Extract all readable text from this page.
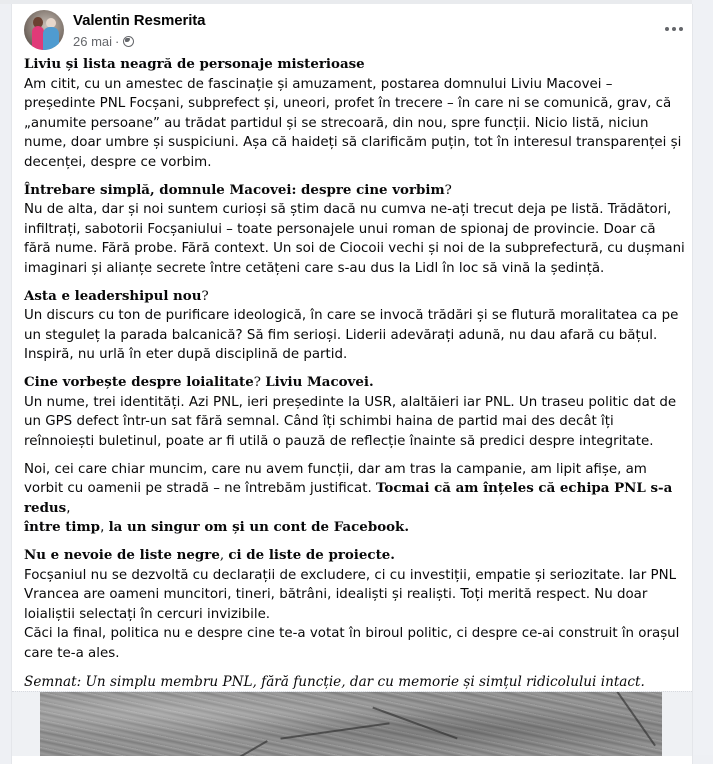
Valentin Resmerita
26 mai ·

Liviu și lista neagră de personaje misterioase
Am citit, cu un amestec de fascinație și amuzament, postarea domnului Liviu Macovei – președinte PNL Focșani, subprefect și, uneori, profet în trecere – în care ni se comunică, grav, că „anumite persoane” au trădat partidul și se strecoară, din nou, spre funcții. Nicio listă, niciun nume, doar umbre și suspiciuni. Așa că haideți să clarificăm puțin, tot în interesul transparenței și decenței, despre ce vorbim.

Întrebare simplă, domnule Macovei: despre cine vorbim?
Nu de alta, dar și noi suntem curioși să știm dacă nu cumva ne-ați trecut deja pe listă. Trădători, infiltrați, sabotorii Focșaniului – toate personajele unui roman de spionaj de provincie. Doar că fără nume. Fără probe. Fără context. Un soi de Ciocoii vechi și noi de la subprefectură, cu dușmani imaginari și alianțe secrete între cetățeni care s-au dus la Lidl în loc să vină la ședință.

Asta e leadershipul nou?
Un discurs cu ton de purificare ideologică, în care se invocă trădări și se flutură moralitatea ca pe un steguleț la parada balcanică? Să fim serioși. Liderii adevărați adună, nu dau afară cu bățul. Inspiră, nu urlă în eter după disciplină de partid.

Cine vorbește despre loialitate? Liviu Macovei.
Un nume, trei identități. Azi PNL, ieri președinte la USR, alaltăieri iar PNL. Un traseu politic dat de un GPS defect într-un sat fără semnal. Când îți schimbi haina de partid mai des decât îți reînnoiești buletinul, poate ar fi utilă o pauză de reflecție înainte să predici despre integritate.

Noi, cei care chiar muncim, care nu avem funcții, dar am tras la campanie, am lipit afișe, am vorbit cu oamenii pe stradă – ne întrebăm justificat. Tocmai că am înțeles că echipa PNL s-a redus,
între timp, la un singur om și un cont de Facebook.

Nu e nevoie de liste negre, ci de liste de proiecte.
Focșaniul nu se dezvoltă cu declarații de excludere, ci cu investiții, empatie și seriozitate. Iar PNL Vrancea are oameni muncitori, tineri, bătrâni, idealiști și realiști. Toți merită respect. Nu doar loialiștii selectați în cercuri invizibile.
Căci la final, politica nu e despre cine te-a votat în biroul politic, ci despre ce-ai construit în orașul care te-a ales.

Semnat: Un simplu membru PNL, fără funcție, dar cu memorie și simțul ridicolului intact.
